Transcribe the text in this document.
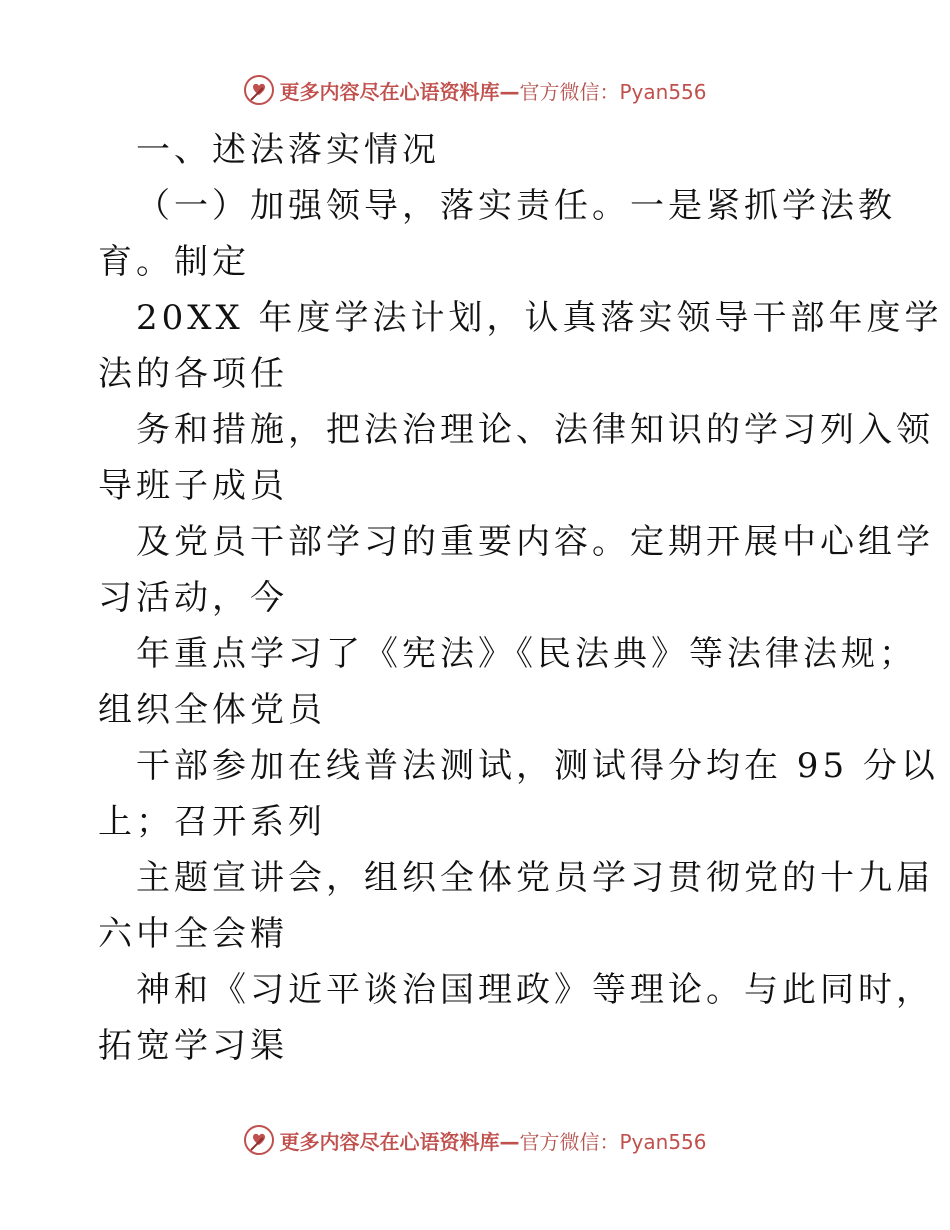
更多内容尽在心语资料库—官方微信：Pyan556
一、述法落实情况
（一）加强领导，落实责任。一是紧抓学法教
育。制定
20XX 年度学法计划，认真落实领导干部年度学
法的各项任
务和措施，把法治理论、法律知识的学习列入领
导班子成员
及党员干部学习的重要内容。定期开展中心组学
习活动，今
年重点学习了《宪法》《民法典》等法律法规；
组织全体党员
干部参加在线普法测试，测试得分均在 95 分以
上；召开系列
主题宣讲会，组织全体党员学习贯彻党的十九届
六中全会精
神和《习近平谈治国理政》等理论。与此同时，
拓宽学习渠
更多内容尽在心语资料库—官方微信：Pyan556
